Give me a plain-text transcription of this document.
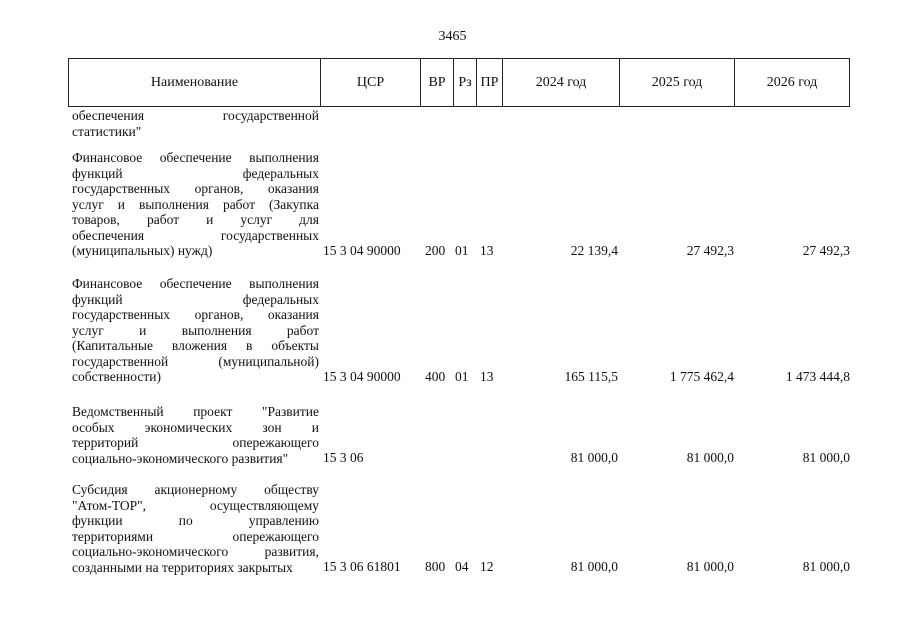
3465
Наименование	ЦСР	ВР Рз ПР	2024 год	2025 год	2026 год
обеспечения государственной
статистики"
Финансовое обеспечение выполнения
функций федеральных
государственных органов, оказания
услуг и выполнения работ (Закупка
товаров, работ и услуг для
обеспечения государственных
(муниципальных) нужд)	15 3 04 90000 200 01 13	22 139,4	27 492,3	27 492,3
Финансовое обеспечение выполнения
функций федеральных
государственных органов, оказания
услуг и выполнения работ
(Капитальные вложения в объекты
государственной (муниципальной)
собственности)	15 3 04 90000 400 01 13	165 115,5	1 775 462,4	1 473 444,8
Ведомственный проект "Развитие
особых экономических зон и
территорий опережающего
социально-экономического развития"	15 3 06	81 000,0	81 000,0	81 000,0
Субсидия акционерному обществу
"Атом-ТОР", осуществляющему
функции по управлению
территориями опережающего
социально-экономического развития,
созданными на территориях закрытых	15 3 06 61801 800 04 12	81 000,0	81 000,0	81 000,0
